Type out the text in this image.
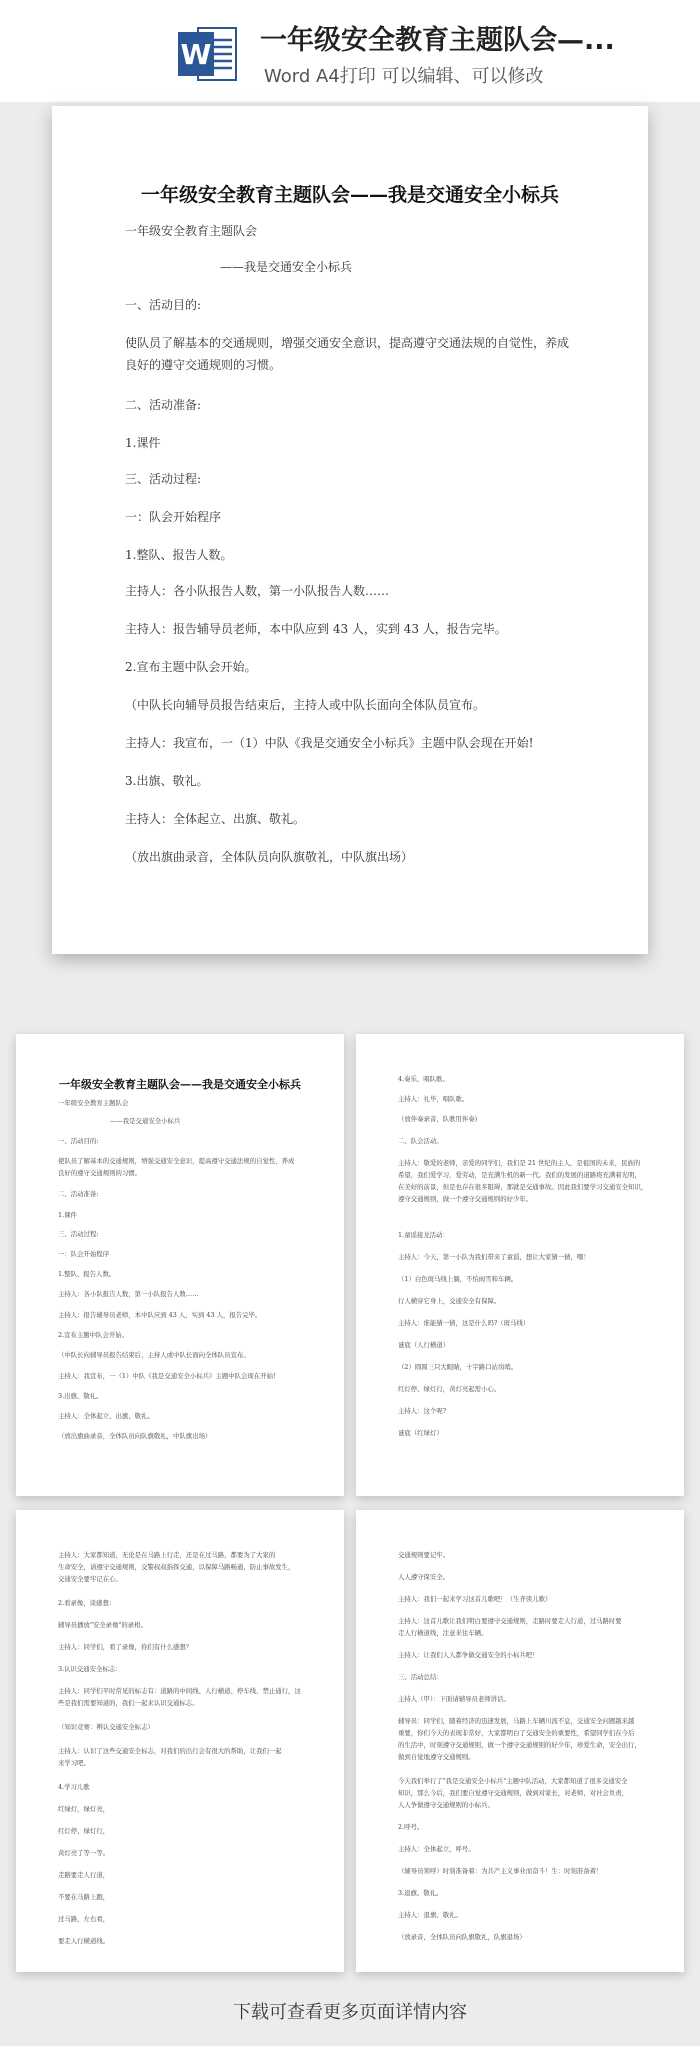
W 一年级安全教育主题队会—...
Word A4打印 可以编辑、可以修改
一年级安全教育主题队会——我是交通安全小标兵
一年级安全教育主题队会
——我是交通安全小标兵
一、活动目的:
使队员了解基本的交通规则，增强交通安全意识，提高遵守交通法规的自觉性，养成
良好的遵守交通规则的习惯。
二、活动准备:
1.课件
三、活动过程:
一：队会开始程序
1.整队、报告人数。
主持人：各小队报告人数，第一小队报告人数……
主持人：报告辅导员老师，本中队应到 43 人，实到 43 人，报告完毕。
2.宣布主题中队会开始。
（中队长向辅导员报告结束后，主持人或中队长面向全体队员宣布。
主持人：我宣布，一（1）中队《我是交通安全小标兵》主题中队会现在开始!
3.出旗、敬礼。
主持人：全体起立、出旗、敬礼。
（放出旗曲录音，全体队员向队旗敬礼，中队旗出场）
一年级安全教育主题队会——我是交通安全小标兵
一年级安全教育主题队会
——我是交通安全小标兵
一、活动目的:
使队员了解基本的交通规则，增强交通安全意识，提高遵守交通法规的自觉性，养成
良好的遵守交通规则的习惯。
二、活动准备:
1.课件
三、活动过程:
一：队会开始程序
1.整队、报告人数。
主持人：各小队报告人数，第一小队报告人数……
主持人：报告辅导员老师，本中队应到 43 人，实到 43 人，报告完毕。
2.宣布主题中队会开始。
（中队长向辅导员报告结束后，主持人或中队长面向全体队员宣布。
主持人：我宣布，一（1）中队《我是交通安全小标兵》主题中队会现在开始!
3.出旗、敬礼。
主持人：全体起立、出旗、敬礼。
（放出旗曲录音，全体队员向队旗敬礼，中队旗出场）
4.奏乐、唱队歌。
主持人：礼毕，唱队歌。
（放伴奏录音，队歌用伴奏)
二、队会活动。
主持人：敬爱的老师，亲爱的同学们，我们是 21 世纪的主人，是祖国的未来，民族的
希望，我们爱学习，爱劳动，是充满生机的新一代。我们的发展的道路将充满着光明，
在美好的前景，但是也存在很多阻碍，那就是交通事故。因此我们要学习交通安全知识，
遵守交通规则，做一个遵守交通规则的好少年。
1.童谣接龙活动：
主持人：今天，第一小队为我们带来了童谣，想让大家猜一猜，嘿！
（1）白色斑马线上躺，不怕雨雪和车辆。
行人横穿它身上，交通安全有保障。
主持人：谁能猜一猜，这是什么吗?（斑马线）
谜底（人行横道）
（2）圆圆三只大眼睛，十字路口站岗哨。
红灯停、绿灯行，黄灯亮起需小心。
主持人：这个呢?
谜底（红绿灯）
主持人：大家都知道，无论是在马路上行走，还是在过马路，都要为了大家的
生命安全，请遵守交通规则，交警叔叔指挥交通，以保障马路畅通，防止事故发生，
交通安全要牢记在心。
2.看录像，谈感想：
辅导员播放"安全录像"的录相。
主持人：同学们，看了录像，你们有什么感想？
3.认识交通安全标志：
主持人：同学们平时常见的标志有：道路的中间线、人行横道、停车线、禁止通行，这
些是我们需要知道的，我们一起来认识交通标志。
（知识竞赛：辨认交通安全标志）
主持人：认识了这些交通安全标志，对我们的出行会有很大的帮助，让我们一起
来学习吧。
4.学习儿歌
红绿灯，绿灯亮，
红灯停，绿灯行，
黄灯亮了等一等。
走路要走人行道，
不要在马路上跑，
过马路，左右看，
要走人行横道线。
交通规则要记牢。
人人遵守保安全。
主持人：我们一起来学习这首儿歌吧！（生齐读儿歌）
主持人：这首儿歌让我们明白要遵守交通规则，走路时要走人行道，过马路时要
走人行横道线，注意来往车辆。
主持人：让我们人人都争做交通安全的小标兵吧！
三、活动总结：
主持人（甲）：下面请辅导员老师讲话。
辅导员：同学们，随着经济的迅速发展，马路上车辆川流不息，交通安全问题越来越
重要，你们今天的表现非常好，大家都明白了交通安全的重要性，希望同学们在今后
的生活中，时刻遵守交通规则，做一个遵守交通规则的好少年，珍爱生命，安全出行，
做到自觉地遵守交通规则。
今天我们举行了"我是交通安全小标兵"主题中队活动，大家都知道了很多交通安全
知识，那么今后，我们要自觉遵守交通规则，做到对家长，对老师，对社会负责，
人人争做遵守交通规则的小标兵。
2.呼号。
主持人：全体起立，呼号。
（辅导员领呼）时刻准备着：为共产主义事业而奋斗！生：时刻准备着！
3.退旗、敬礼。
主持人：退旗、敬礼。
（放录音，全体队员向队旗敬礼，队旗退场）
下载可查看更多页面详情内容
